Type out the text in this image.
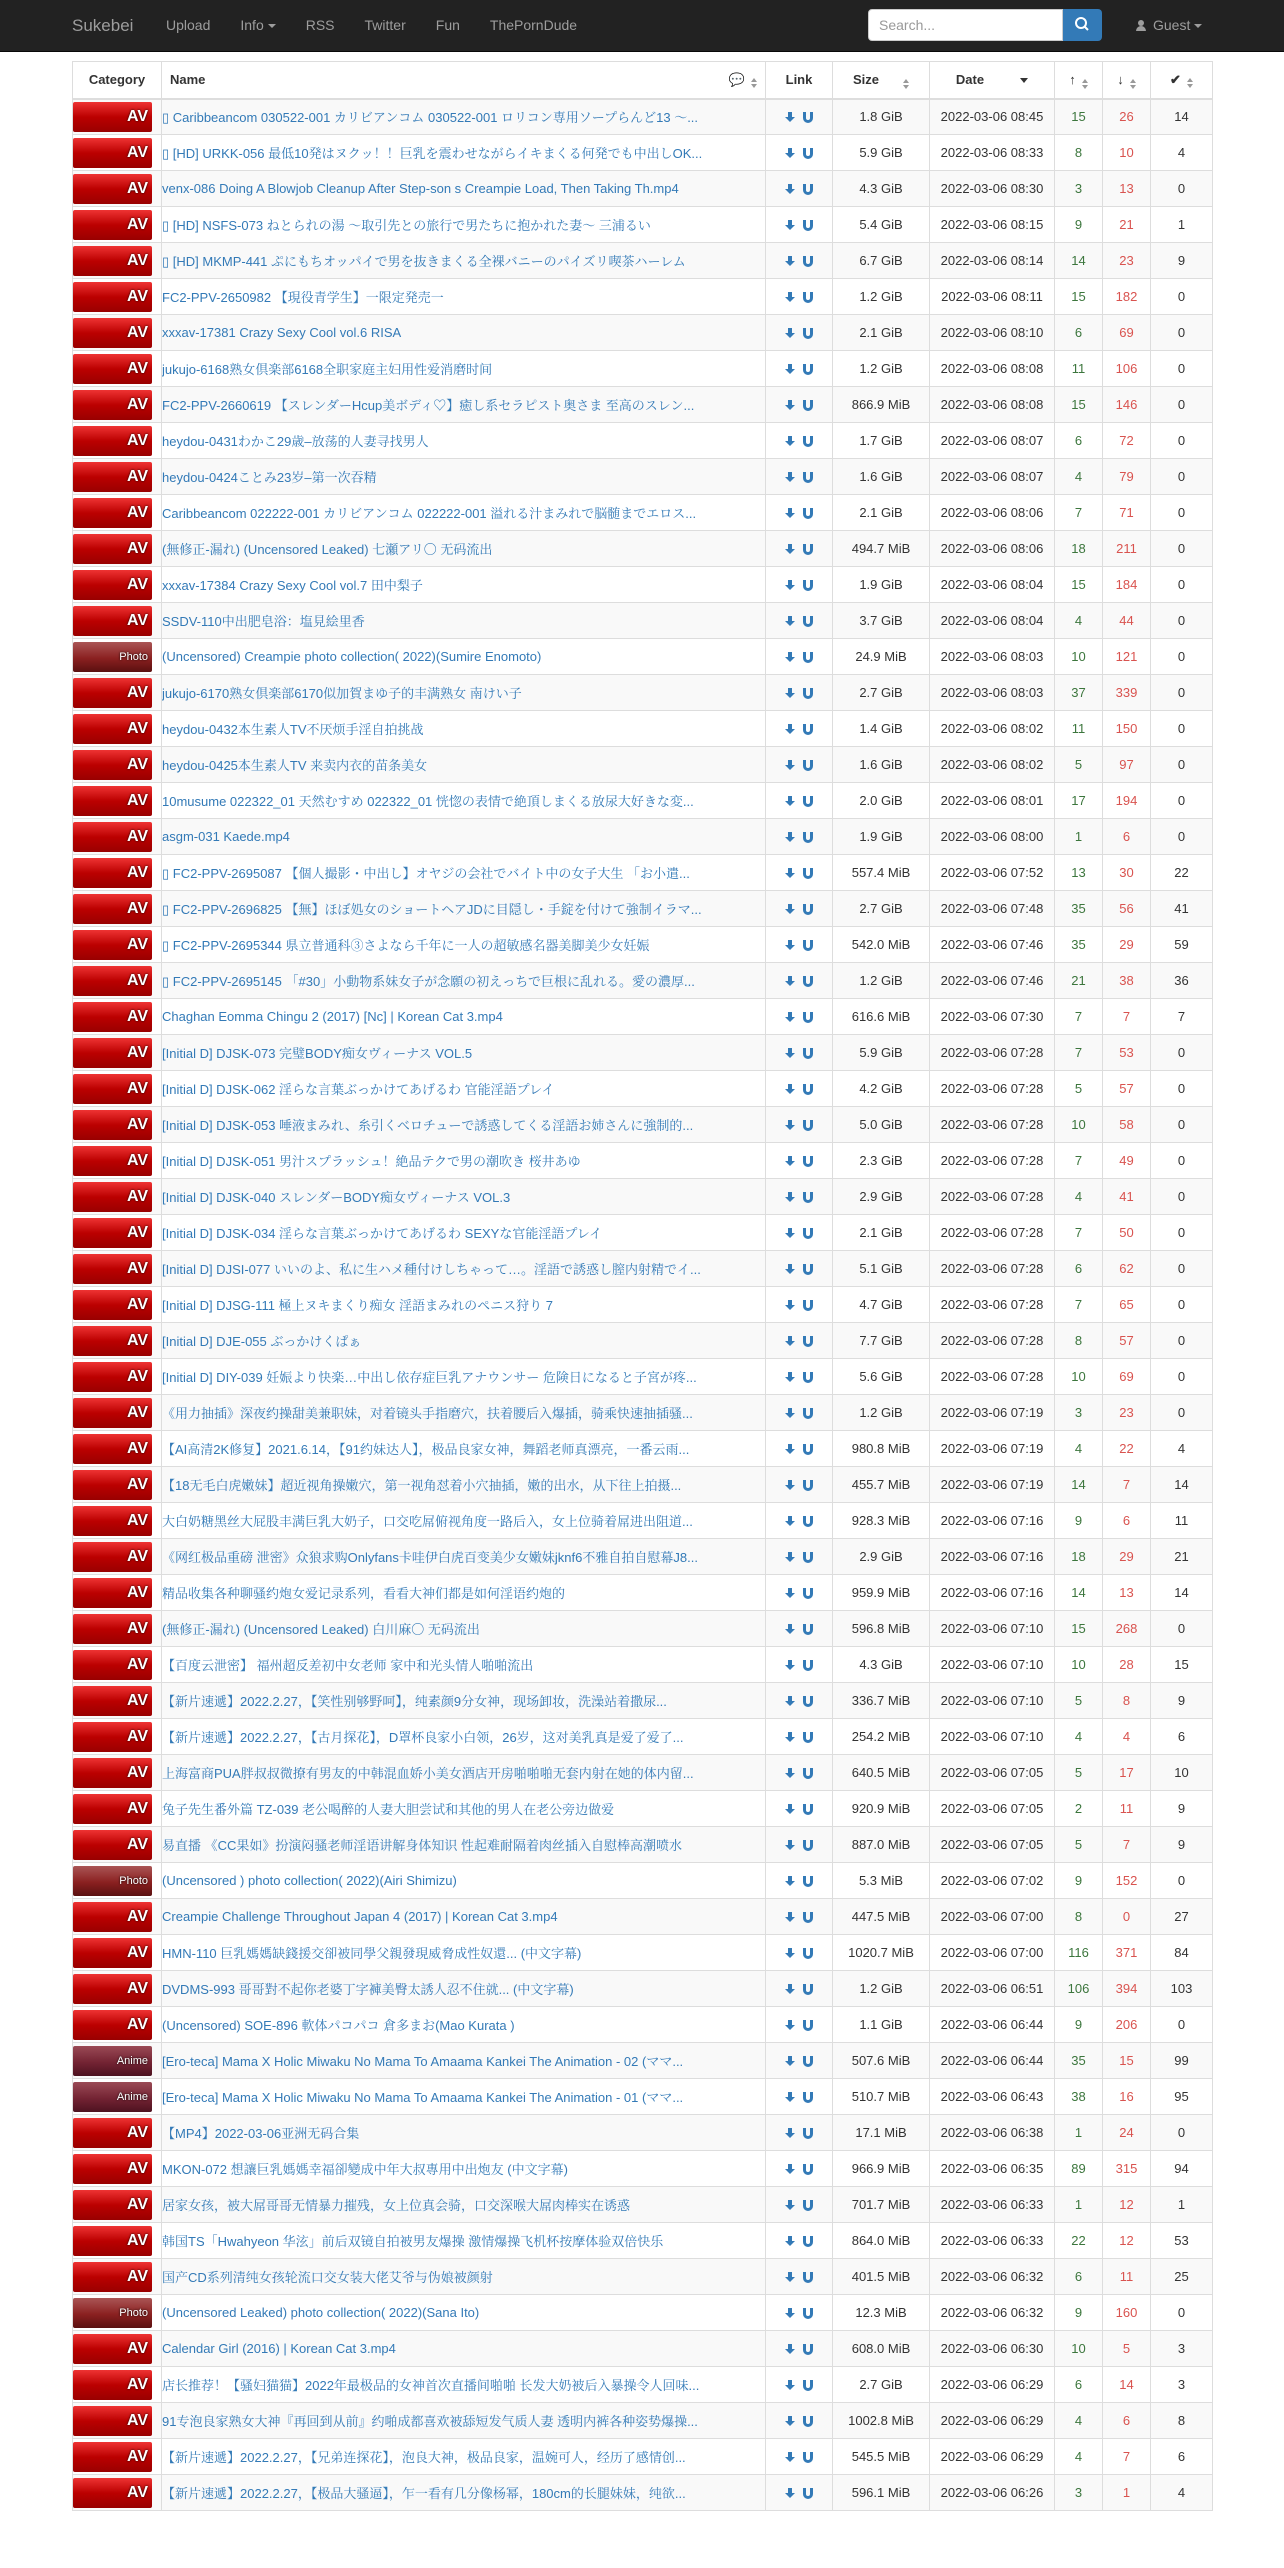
Sukebei Upload	Info	RSS	Twitter	Fun	ThePornDude	Search...	Guest
Category	Name 💬	Link	Size	Date	↑	↓	✔

AV	▯ Caribbeancom 030522-001 カリビアンコム 030522-001 ロリコン専用ソープらんど13 ～...		1.8 GiB	2022-03-06 08:45	15	26	14

AV	▯ [HD] URKK-056 最低10発はヌクッ！！巨乳を震わせながらイキまくる何発でも中出しOK...		5.9 GiB	2022-03-06 08:33	8	10	4

AV	venx-086 Doing A Blowjob Cleanup After Step-son s Creampie Load, Then Taking Th.mp4		4.3 GiB	2022-03-06 08:30	3	13	0

AV	▯ [HD] NSFS-073 ねとられの湯 ～取引先との旅行で男たちに抱かれた妻～ 三浦るい		5.4 GiB	2022-03-06 08:15	9	21	1

AV	▯ [HD] MKMP-441 ぷにもちオッパイで男を抜きまくる全裸バニーのパイズリ喫茶ハーレム		6.7 GiB	2022-03-06 08:14	14	23	9

AV	FC2-PPV-2650982 【現役青学生】一限定発売一		1.2 GiB	2022-03-06 08:11	15	182	0

AV	xxxav-17381 Crazy Sexy Cool vol.6 RISA		2.1 GiB	2022-03-06 08:10	6	69	0

AV	jukujo-6168熟女倶楽部6168全职家庭主妇用性爱消磨时间		1.2 GiB	2022-03-06 08:08	11	106	0

AV	FC2-PPV-2660619 【スレンダーHcup美ボディ♡】癒し系セラピスト奥さま 至高のスレン...		866.9 MiB	2022-03-06 08:08	15	146	0

AV	heydou-0431わかこ29歳–放荡的人妻寻找男人		1.7 GiB	2022-03-06 08:07	6	72	0

AV	heydou-0424ことみ23岁–第一次吞精		1.6 GiB	2022-03-06 08:07	4	79	0

AV	Caribbeancom 022222-001 カリビアンコム 022222-001 溢れる汁まみれで脳髄までエロス...		2.1 GiB	2022-03-06 08:06	7	71	0

AV	(無修正-漏れ) (Uncensored Leaked) 七瀬アリ〇 无码流出		494.7 MiB	2022-03-06 08:06	18	211	0

AV	xxxav-17384 Crazy Sexy Cool vol.7 田中梨子		1.9 GiB	2022-03-06 08:04	15	184	0

AV	SSDV-110中出肥皂浴：塩見絵里香		3.7 GiB	2022-03-06 08:04	4	44	0

Photo	(Uncensored) Creampie photo collection( 2022)(Sumire Enomoto)		24.9 MiB	2022-03-06 08:03	10	121	0

AV	jukujo-6170熟女倶楽部6170似加賀まゆ子的丰满熟女 南けい子		2.7 GiB	2022-03-06 08:03	37	339	0

AV	heydou-0432本生素人TV不厌烦手淫自拍挑战		1.4 GiB	2022-03-06 08:02	11	150	0

AV	heydou-0425本生素人TV 来卖内衣的苗条美女		1.6 GiB	2022-03-06 08:02	5	97	0

AV	10musume 022322_01 天然むすめ 022322_01 恍惚の表情で絶頂しまくる放尿大好きな変...		2.0 GiB	2022-03-06 08:01	17	194	0

AV	asgm-031 Kaede.mp4		1.9 GiB	2022-03-06 08:00	1	6	0

AV	▯ FC2-PPV-2695087 【個人撮影・中出し】オヤジの会社でバイト中の女子大生 「お小遣...		557.4 MiB	2022-03-06 07:52	13	30	22

AV	▯ FC2-PPV-2696825 【無】ほぼ処女のショートヘアJDに目隠し・手錠を付けて強制イラマ...		2.7 GiB	2022-03-06 07:48	35	56	41

AV	▯ FC2-PPV-2695344 県立普通科③さよなら千年に一人の超敏感名器美脚美少女妊娠		542.0 MiB	2022-03-06 07:46	35	29	59

AV	▯ FC2-PPV-2695145 「#30」小動物系妹女子が念願の初えっちで巨根に乱れる。愛の濃厚...		1.2 GiB	2022-03-06 07:46	21	38	36

AV	Chaghan Eomma Chingu 2 (2017) [Nc] | Korean Cat 3.mp4		616.6 MiB	2022-03-06 07:30	7	7	7

AV	[Initial D] DJSK-073 完璧BODY痴女ヴィーナス VOL.5		5.9 GiB	2022-03-06 07:28	7	53	0

AV	[Initial D] DJSK-062 淫らな言葉ぶっかけてあげるわ 官能淫語プレイ		4.2 GiB	2022-03-06 07:28	5	57	0

AV	[Initial D] DJSK-053 唾液まみれ、糸引くベロチューで誘惑してくる淫語お姉さんに強制的...		5.0 GiB	2022-03-06 07:28	10	58	0

AV	[Initial D] DJSK-051 男汁スプラッシュ！絶品テクで男の潮吹き 桜井あゆ		2.3 GiB	2022-03-06 07:28	7	49	0

AV	[Initial D] DJSK-040 スレンダーBODY痴女ヴィーナス VOL.3		2.9 GiB	2022-03-06 07:28	4	41	0

AV	[Initial D] DJSK-034 淫らな言葉ぶっかけてあげるわ SEXYな官能淫語プレイ		2.1 GiB	2022-03-06 07:28	7	50	0

AV	[Initial D] DJSI-077 いいのよ、私に生ハメ種付けしちゃって…。淫語で誘惑し膣内射精でイ...		5.1 GiB	2022-03-06 07:28	6	62	0

AV	[Initial D] DJSG-111 極上ヌキまくり痴女 淫語まみれのペニス狩り 7		4.7 GiB	2022-03-06 07:28	7	65	0

AV	[Initial D] DJE-055 ぶっかけくぱぁ		7.7 GiB	2022-03-06 07:28	8	57	0

AV	[Initial D] DIY-039 妊娠より快楽…中出し依存症巨乳アナウンサー 危険日になると子宮が疼...		5.6 GiB	2022-03-06 07:28	10	69	0

AV	《用力抽插》深夜约操甜美兼职妹，对着镜头手指磨穴，扶着腰后入爆插，骑乘快速抽插骚...		1.2 GiB	2022-03-06 07:19	3	23	0

AV	【AI高清2K修复】2021.6.14，【91约妹达人】，极品良家女神，舞蹈老师真漂亮，一番云雨...		980.8 MiB	2022-03-06 07:19	4	22	4

AV	【18无毛白虎嫩妹】超近视角操嫩穴，第一视角怼着小穴抽插，嫩的出水，从下往上拍摄...		455.7 MiB	2022-03-06 07:19	14	7	14

AV	大白奶糖黑丝大屁股丰满巨乳大奶子，口交吃屌俯视角度一路后入，女上位骑着屌进出阻道...		928.3 MiB	2022-03-06 07:16	9	6	11

AV	《网红极品重磅 泄密》众狼求购Onlyfans卡哇伊白虎百变美少女嫩妹jknf6不雅自拍自慰幕J8...		2.9 GiB	2022-03-06 07:16	18	29	21

AV	精品收集各种聊骚约炮女爱记录系列，看看大神们都是如何淫语约炮的		959.9 MiB	2022-03-06 07:16	14	13	14

AV	(無修正-漏れ) (Uncensored Leaked) 白川麻〇 无码流出		596.8 MiB	2022-03-06 07:10	15	268	0

AV	【百度云泄密】 福州超反差初中女老师 家中和光头情人啪啪流出		4.3 GiB	2022-03-06 07:10	10	28	15

AV	【新片速遞】2022.2.27，【笑性别够野呵】，纯素颜9分女神，现场卸妆，洗澡站着撒尿...		336.7 MiB	2022-03-06 07:10	5	8	9

AV	【新片速遞】2022.2.27，【古月探花】，D罩杯良家小白领，26岁，这对美乳真是爱了爱了...		254.2 MiB	2022-03-06 07:10	4	4	6

AV	上海富商PUA胖叔叔微撩有男友的中韩混血娇小美女酒店开房啪啪啪无套内射在她的体内留...		640.5 MiB	2022-03-06 07:05	5	17	10

AV	兔子先生番外篇 TZ-039 老公喝醉的人妻大胆尝试和其他的男人在老公旁边做爱		920.9 MiB	2022-03-06 07:05	2	11	9

AV	易直播 《CC果如》扮演闷骚老师淫语讲解身体知识 性起难耐隔着肉丝插入自慰棒高潮喷水		887.0 MiB	2022-03-06 07:05	5	7	9

Photo	(Uncensored ) photo collection( 2022)(Airi Shimizu)		5.3 MiB	2022-03-06 07:02	9	152	0

AV	Creampie Challenge Throughout Japan 4 (2017) | Korean Cat 3.mp4		447.5 MiB	2022-03-06 07:00	8	0	27

AV	HMN-110 巨乳媽媽缺錢援交卻被同學父親發現威脅成性奴還... (中文字幕)		1020.7 MiB	2022-03-06 07:00	116	371	84

AV	DVDMS-993 哥哥對不起你老婆丁字褲美臀太誘人忍不住就... (中文字幕)		1.2 GiB	2022-03-06 06:51	106	394	103

AV	(Uncensored) SOE-896 軟体パコパコ 倉多まお(Mao Kurata )		1.1 GiB	2022-03-06 06:44	9	206	0

Anime	[Ero-teca] Mama X Holic Miwaku No Mama To Amaama Kankei The Animation - 02 (ママ...		507.6 MiB	2022-03-06 06:44	35	15	99

Anime	[Ero-teca] Mama X Holic Miwaku No Mama To Amaama Kankei The Animation - 01 (ママ...		510.7 MiB	2022-03-06 06:43	38	16	95

AV	【MP4】2022-03-06亚洲无码合集		17.1 MiB	2022-03-06 06:38	1	24	0

AV	MKON-072 想讓巨乳媽媽幸福卻變成中年大叔專用中出炮友 (中文字幕)		966.9 MiB	2022-03-06 06:35	89	315	94

AV	居家女孩，被大屌哥哥无情暴力摧残，女上位真会骑，口交深喉大屌肉棒实在诱惑		701.7 MiB	2022-03-06 06:33	1	12	1

AV	韩国TS「Hwahyeon 华泫」前后双镜自拍被男友爆操 激情爆操飞机杯按摩体验双倍快乐		864.0 MiB	2022-03-06 06:33	22	12	53

AV	国产CD系列清纯女孩轮流口交女装大佬艾爷与伪娘被颜射		401.5 MiB	2022-03-06 06:32	6	11	25

Photo	(Uncensored Leaked) photo collection( 2022)(Sana Ito)		12.3 MiB	2022-03-06 06:32	9	160	0

AV	Calendar Girl (2016) | Korean Cat 3.mp4		608.0 MiB	2022-03-06 06:30	10	5	3

AV	店长推荐！【骚妇猫猫】2022年最极品的女神首次直播间啪啪 长发大奶被后入暴操令人回味...		2.7 GiB	2022-03-06 06:29	6	14	3

AV	91专泡良家熟女大神『再回到从前』约啪成都喜欢被舔短发气质人妻 透明内裤各种姿势爆操...		1002.8 MiB	2022-03-06 06:29	4	6	8

AV	【新片速遞】2022.2.27，【兄弟连探花】，泡良大神，极品良家，温婉可人，经历了感情创...		545.5 MiB	2022-03-06 06:29	4	7	6

AV	【新片速遞】2022.2.27，【极品大骚逼】，乍一看有几分像杨幂，180cm的长腿妹妹，纯欲...		596.1 MiB	2022-03-06 06:26	3	1	4
